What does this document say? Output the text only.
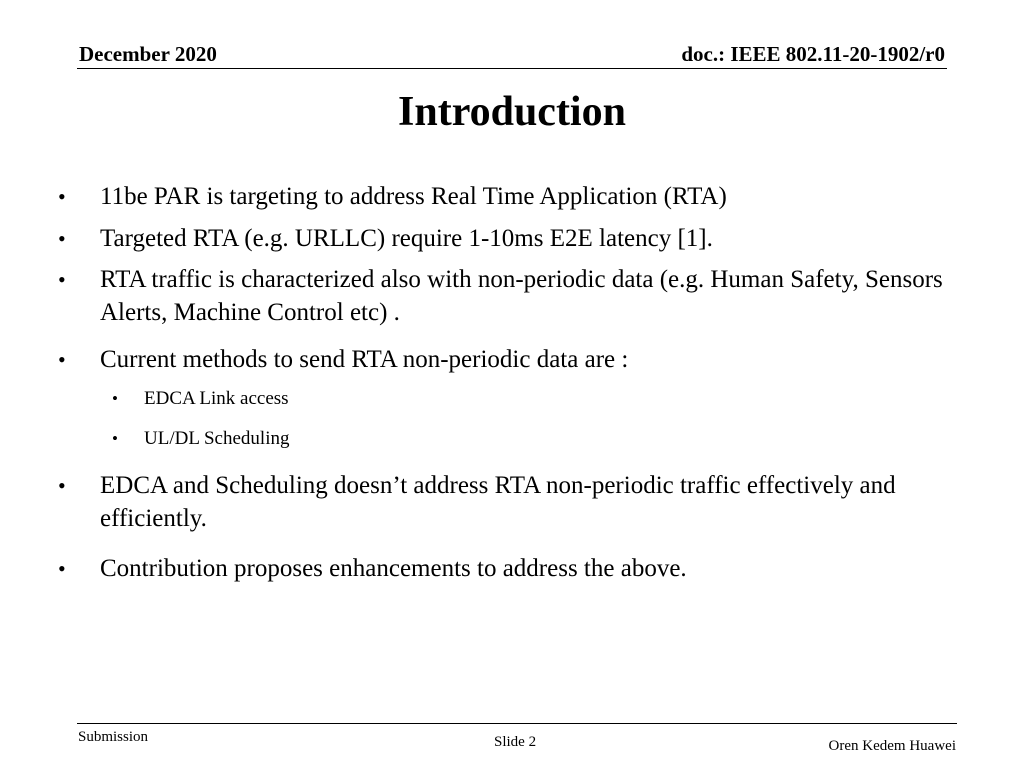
December 2020	doc.: IEEE 802.11-20-1902/r0
Introduction
• 11be PAR is targeting to address Real Time Application (RTA)
• Targeted RTA (e.g. URLLC) require 1-10ms E2E latency [1].
• RTA traffic is characterized also with non-periodic data (e.g. Human Safety, Sensors Alerts, Machine Control etc) .
• Current methods to send RTA non-periodic data are :
• EDCA Link access
• UL/DL Scheduling
• EDCA and Scheduling doesn’t address RTA non-periodic traffic effectively and efficiently.
• Contribution proposes enhancements to address the above.
Submission	Slide 2	Oren Kedem Huawei
